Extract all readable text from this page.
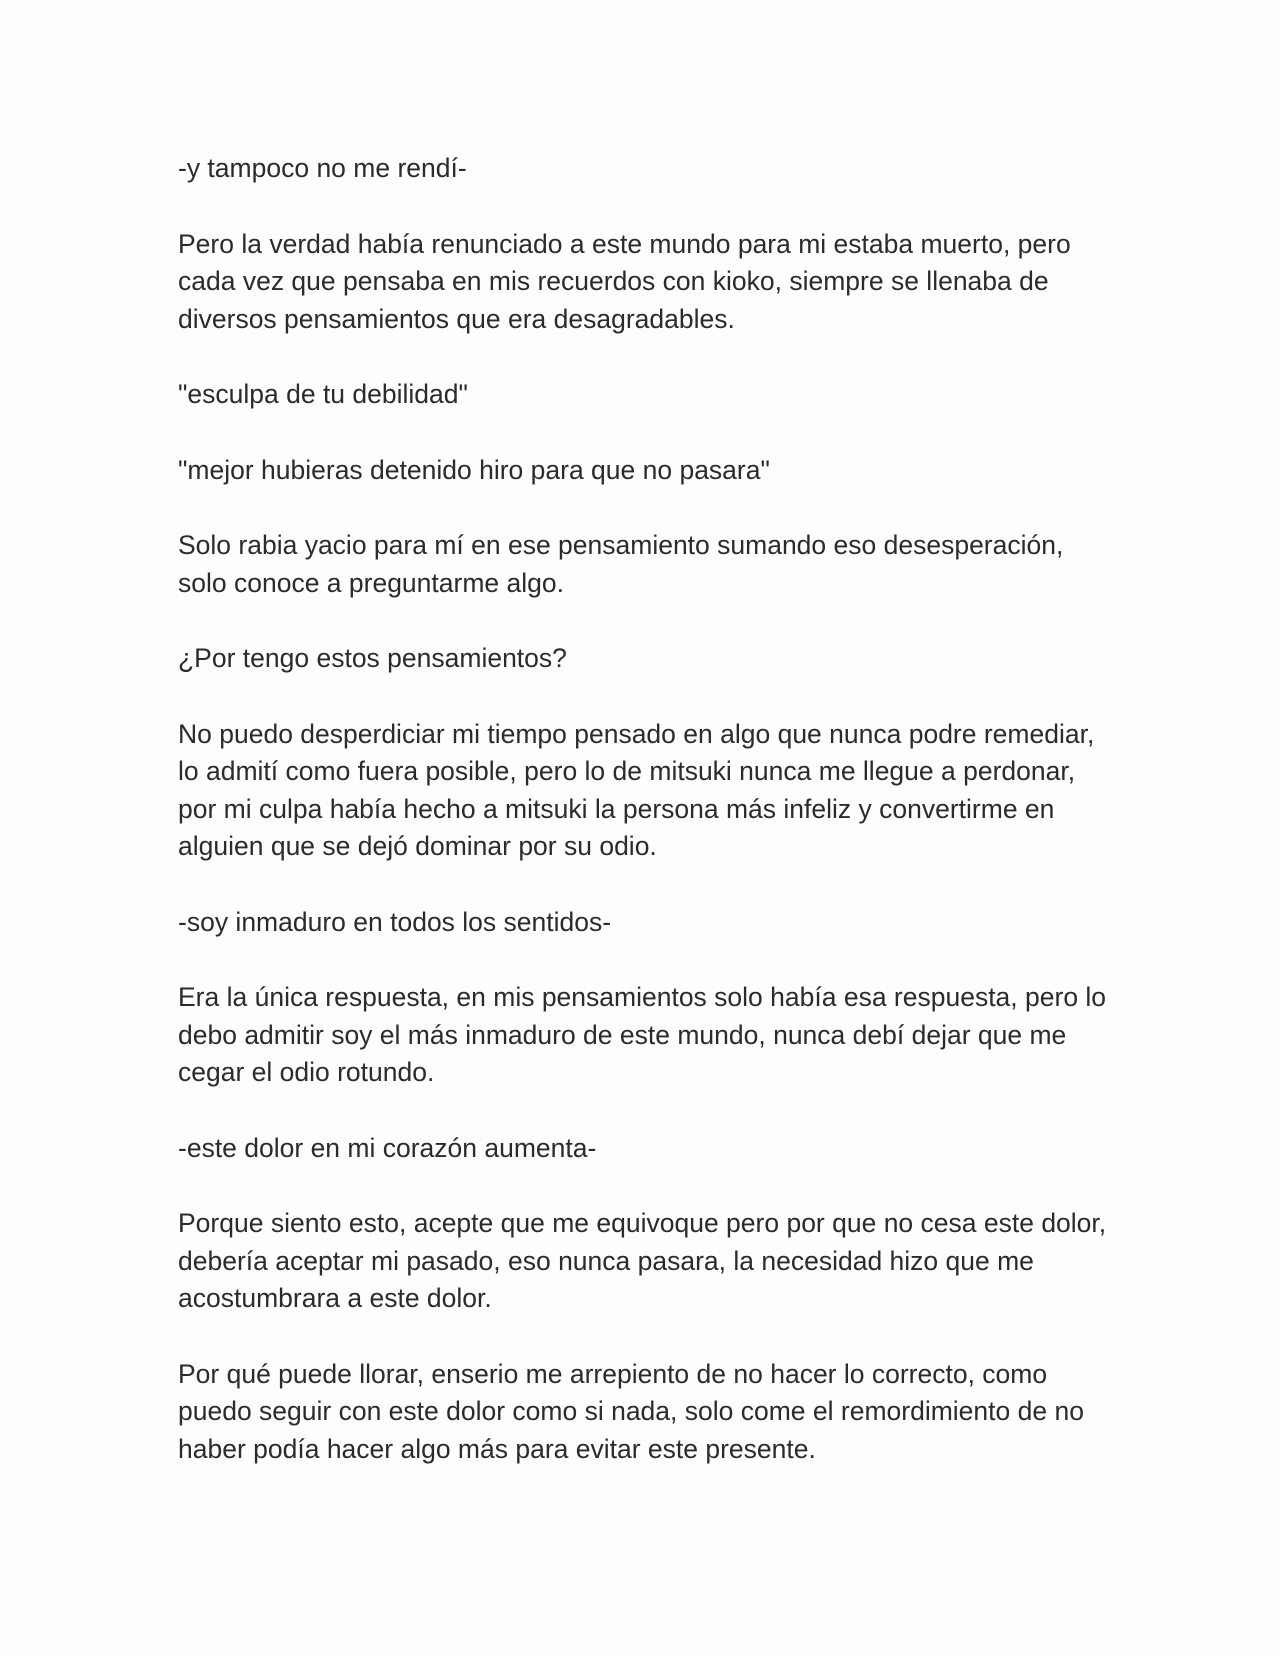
-y tampoco no me rendí-

Pero la verdad había renunciado a este mundo para mi estaba muerto, pero
cada vez que pensaba en mis recuerdos con kioko, siempre se llenaba de
diversos pensamientos que era desagradables.

"esculpa de tu debilidad"

"mejor hubieras detenido hiro para que no pasara"

Solo rabia yacio para mí en ese pensamiento sumando eso desesperación,
solo conoce a preguntarme algo.

¿Por tengo estos pensamientos?

No puedo desperdiciar mi tiempo pensado en algo que nunca podre remediar,
lo admití como fuera posible, pero lo de mitsuki nunca me llegue a perdonar,
por mi culpa había hecho a mitsuki la persona más infeliz y convertirme en
alguien que se dejó dominar por su odio.

-soy inmaduro en todos los sentidos-

Era la única respuesta, en mis pensamientos solo había esa respuesta, pero lo
debo admitir soy el más inmaduro de este mundo, nunca debí dejar que me
cegar el odio rotundo.

-este dolor en mi corazón aumenta-

Porque siento esto, acepte que me equivoque pero por que no cesa este dolor,
debería aceptar mi pasado, eso nunca pasara, la necesidad hizo que me
acostumbrara a este dolor.

Por qué puede llorar, enserio me arrepiento de no hacer lo correcto, como
puedo seguir con este dolor como si nada, solo come el remordimiento de no
haber podía hacer algo más para evitar este presente.
